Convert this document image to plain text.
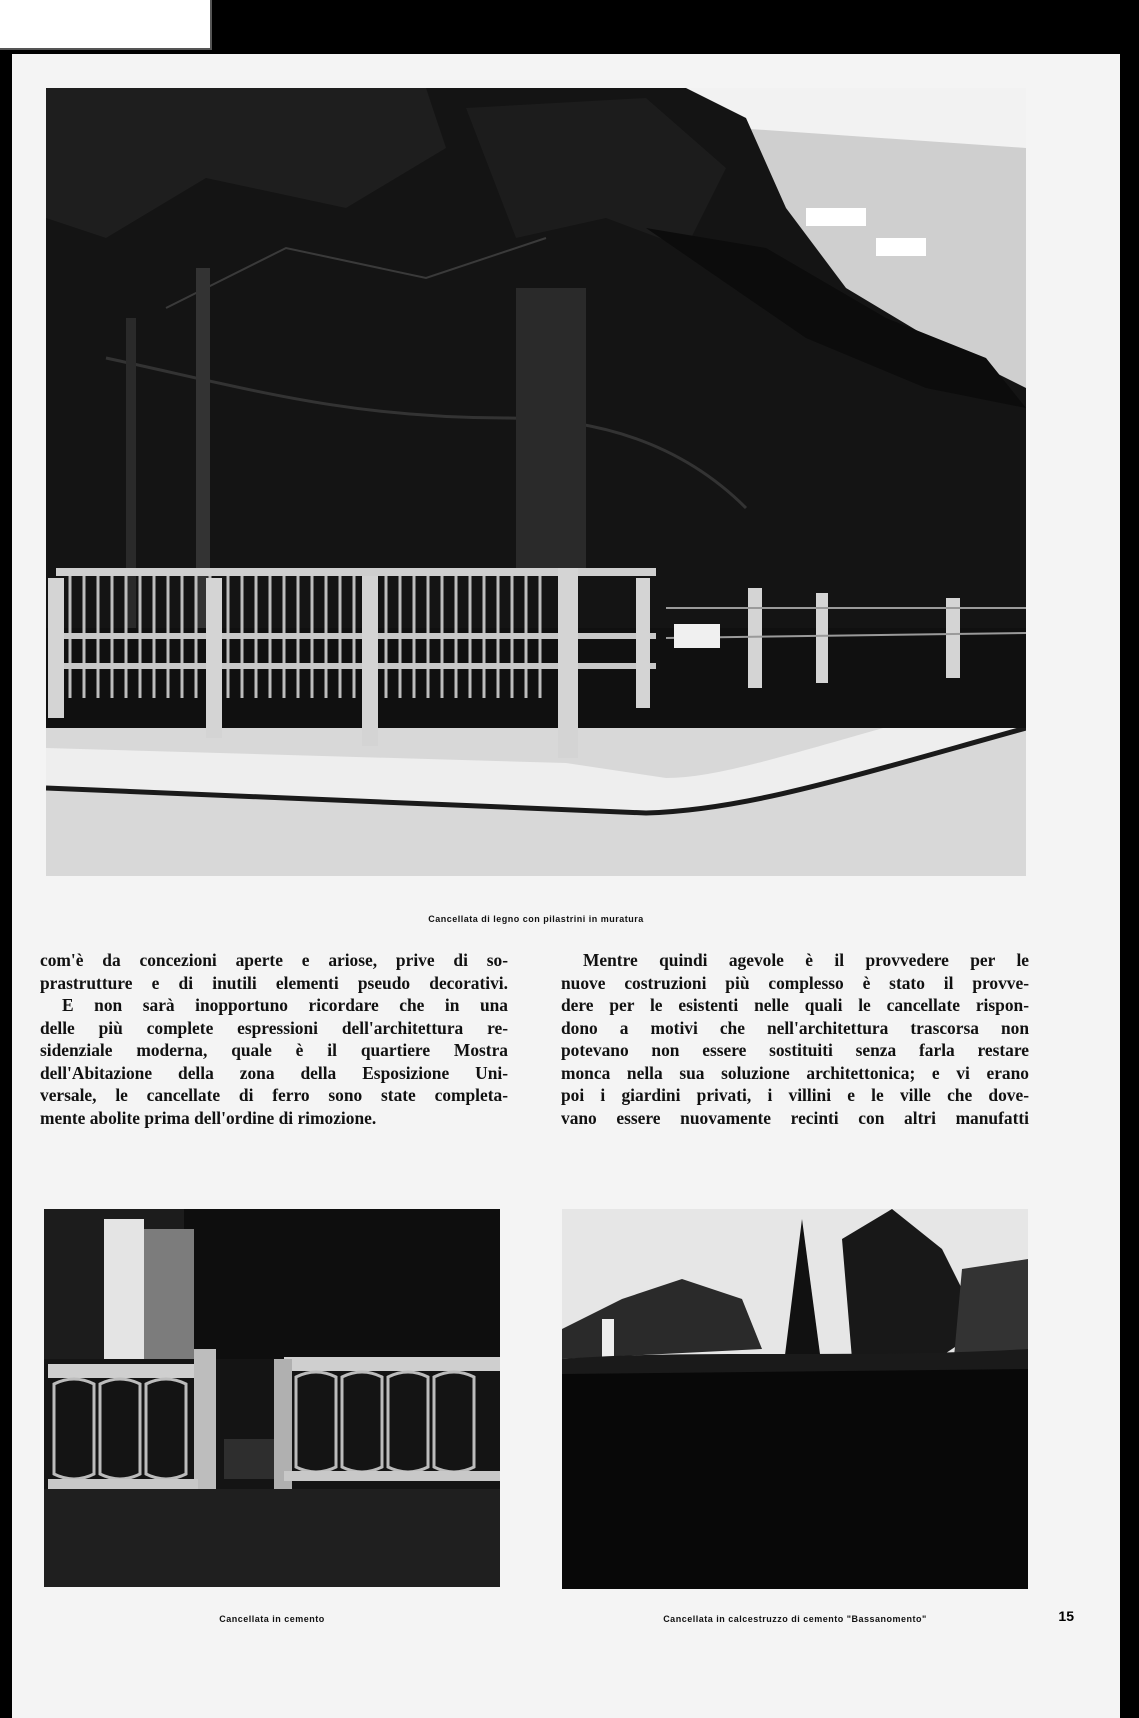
Cancellata di legno con pilastrini in muratura
com'è da concezioni aperte e ariose, prive di so-
prastrutture e di inutili elementi pseudo decorativi.
E non sarà inopportuno ricordare che in una
delle più complete espressioni dell'architettura re-
sidenziale moderna, quale è il quartiere Mostra
dell'Abitazione della zona della Esposizione Uni-
versale, le cancellate di ferro sono state completa-
mente abolite prima dell'ordine di rimozione.
Mentre quindi agevole è il provvedere per le
nuove costruzioni più complesso è stato il provve-
dere per le esistenti nelle quali le cancellate rispon-
dono a motivi che nell'architettura trascorsa non
potevano non essere sostituiti senza farla restare
monca nella sua soluzione architettonica; e vi erano
poi i giardini privati, i villini e le ville che dove-
vano essere nuovamente recinti con altri manufatti
Cancellata in cemento	Cancellata in calcestruzzo di cemento "Bassanomento"	15
